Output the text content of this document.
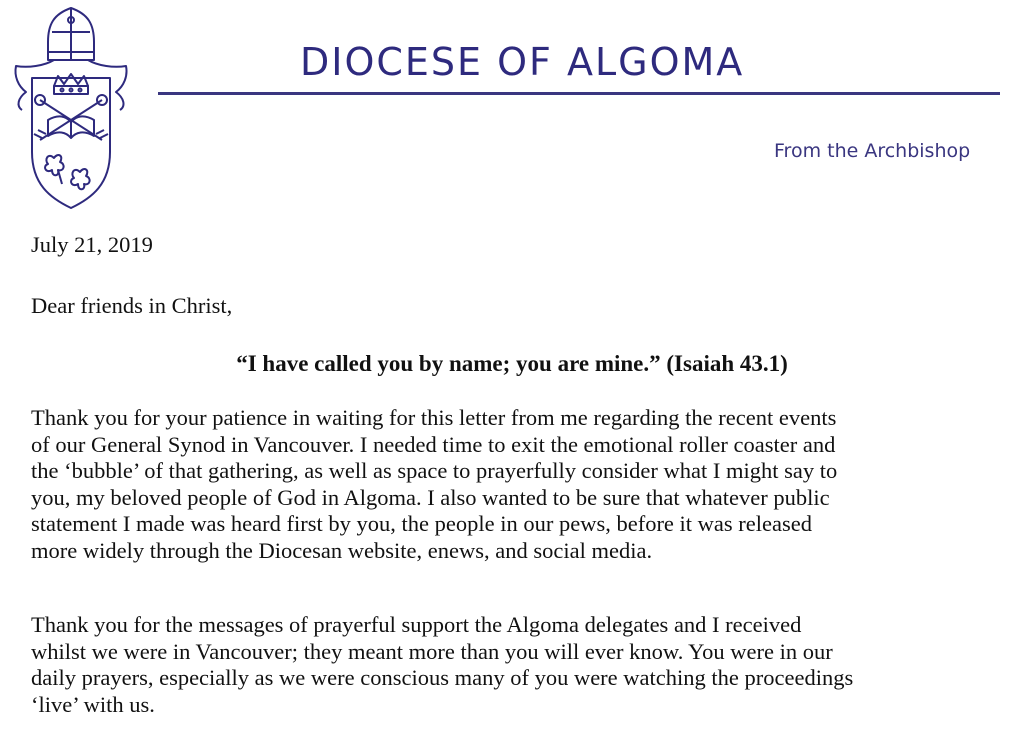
DIOCESE OF ALGOMA
From the Archbishop
July 21, 2019
Dear friends in Christ,
“I have called you by name; you are mine.” (Isaiah 43.1)
Thank you for your patience in waiting for this letter from me regarding the recent events
of our General Synod in Vancouver. I needed time to exit the emotional roller coaster and
the ‘bubble’ of that gathering, as well as space to prayerfully consider what I might say to
you, my beloved people of God in Algoma. I also wanted to be sure that whatever public
statement I made was heard first by you, the people in our pews, before it was released
more widely through the Diocesan website, enews, and social media.
Thank you for the messages of prayerful support the Algoma delegates and I received
whilst we were in Vancouver; they meant more than you will ever know. You were in our
daily prayers, especially as we were conscious many of you were watching the proceedings
‘live’ with us.
